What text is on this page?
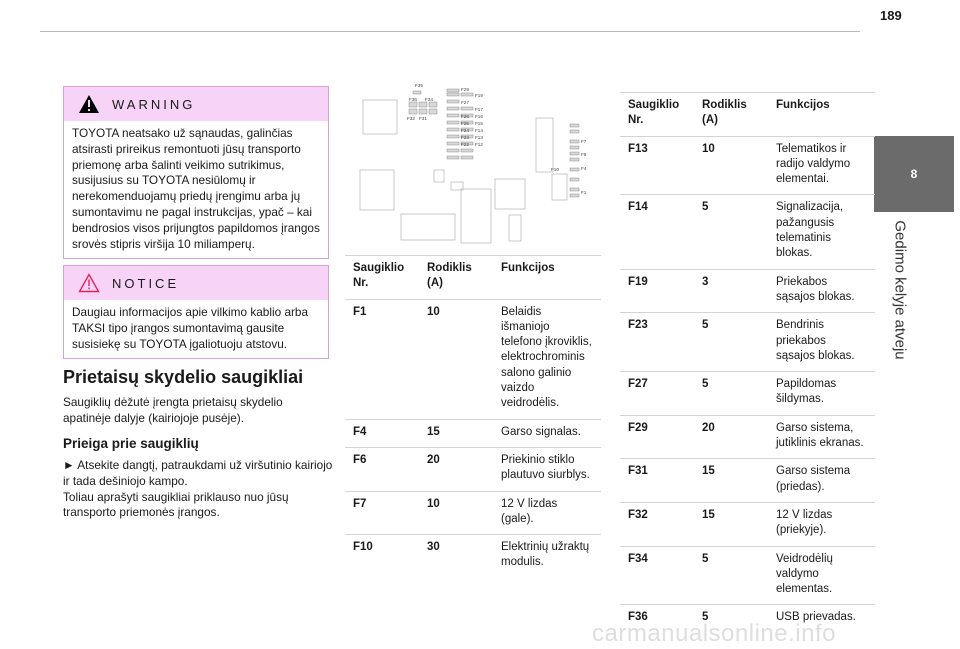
189
8
Gedimo kelyje atveju
WARNING
TOYOTA neatsako už sąnaudas, galinčias atsirasti prireikus remontuoti jūsų transporto priemonę arba šalinti veikimo sutrikimus, susijusius su TOYOTA nesiūlomų ir nerekomenduojamų priedų įrengimu arba jų sumontavimu ne pagal instrukcijas, ypač – kai bendrosios visos prijungtos papildomos įrangos srovės stipris viršija 10 miliamperų.
NOTICE
Daugiau informacijos apie vilkimo kablio arba TAKSI tipo įrangos sumontavimą gausite susisiekę su TOYOTA įgaliotuoju atstovu.
Prietaisų skydelio saugikliai
Saugiklių dėžutė įrengta prietaisų skydelio apatinėje dalyje (kairiojoje pusėje).
Prieiga prie saugiklių
► Atsekite dangtį, patraukdami už viršutinio kairiojo ir tada dešiniojo kampo.
Toliau aprašyti saugikliai priklauso nuo jūsų transporto priemonės įrangos.
F35
F29
F19
F27
F36 F34
F17
F32 F31	F26 F16
F25 F15
F24 F14
F23 F13
F22 F12
F7
F6
F10	F4
F1
Saugiklio Nr.	Rodiklis (A)	Funkcijos
F1	10	Belaidis išmaniojo telefono įkroviklis, elektrochrominis salono galinio vaizdo veidrodėlis.
F4	15	Garso signalas.
F6	20	Priekinio stiklo plautuvo siurblys.
F7	10	12 V lizdas (gale).
F10	30	Elektrinių užraktų modulis.
Saugiklio Nr.	Rodiklis (A)	Funkcijos
F13	10	Telematikos ir radijo valdymo elementai.
F14	5	Signalizacija, pažangusis telematinis blokas.
F19	3	Priekabos sąsajos blokas.
F23	5	Bendrinis priekabos sąsajos blokas.
F27	5	Papildomas šildymas.
F29	20	Garso sistema, jutiklinis ekranas.
F31	15	Garso sistema (priedas).
F32	15	12 V lizdas (priekyje).
F34	5	Veidrodėlių valdymo elementas.
F36	5	USB prievadas.
carmanualsonline.info
